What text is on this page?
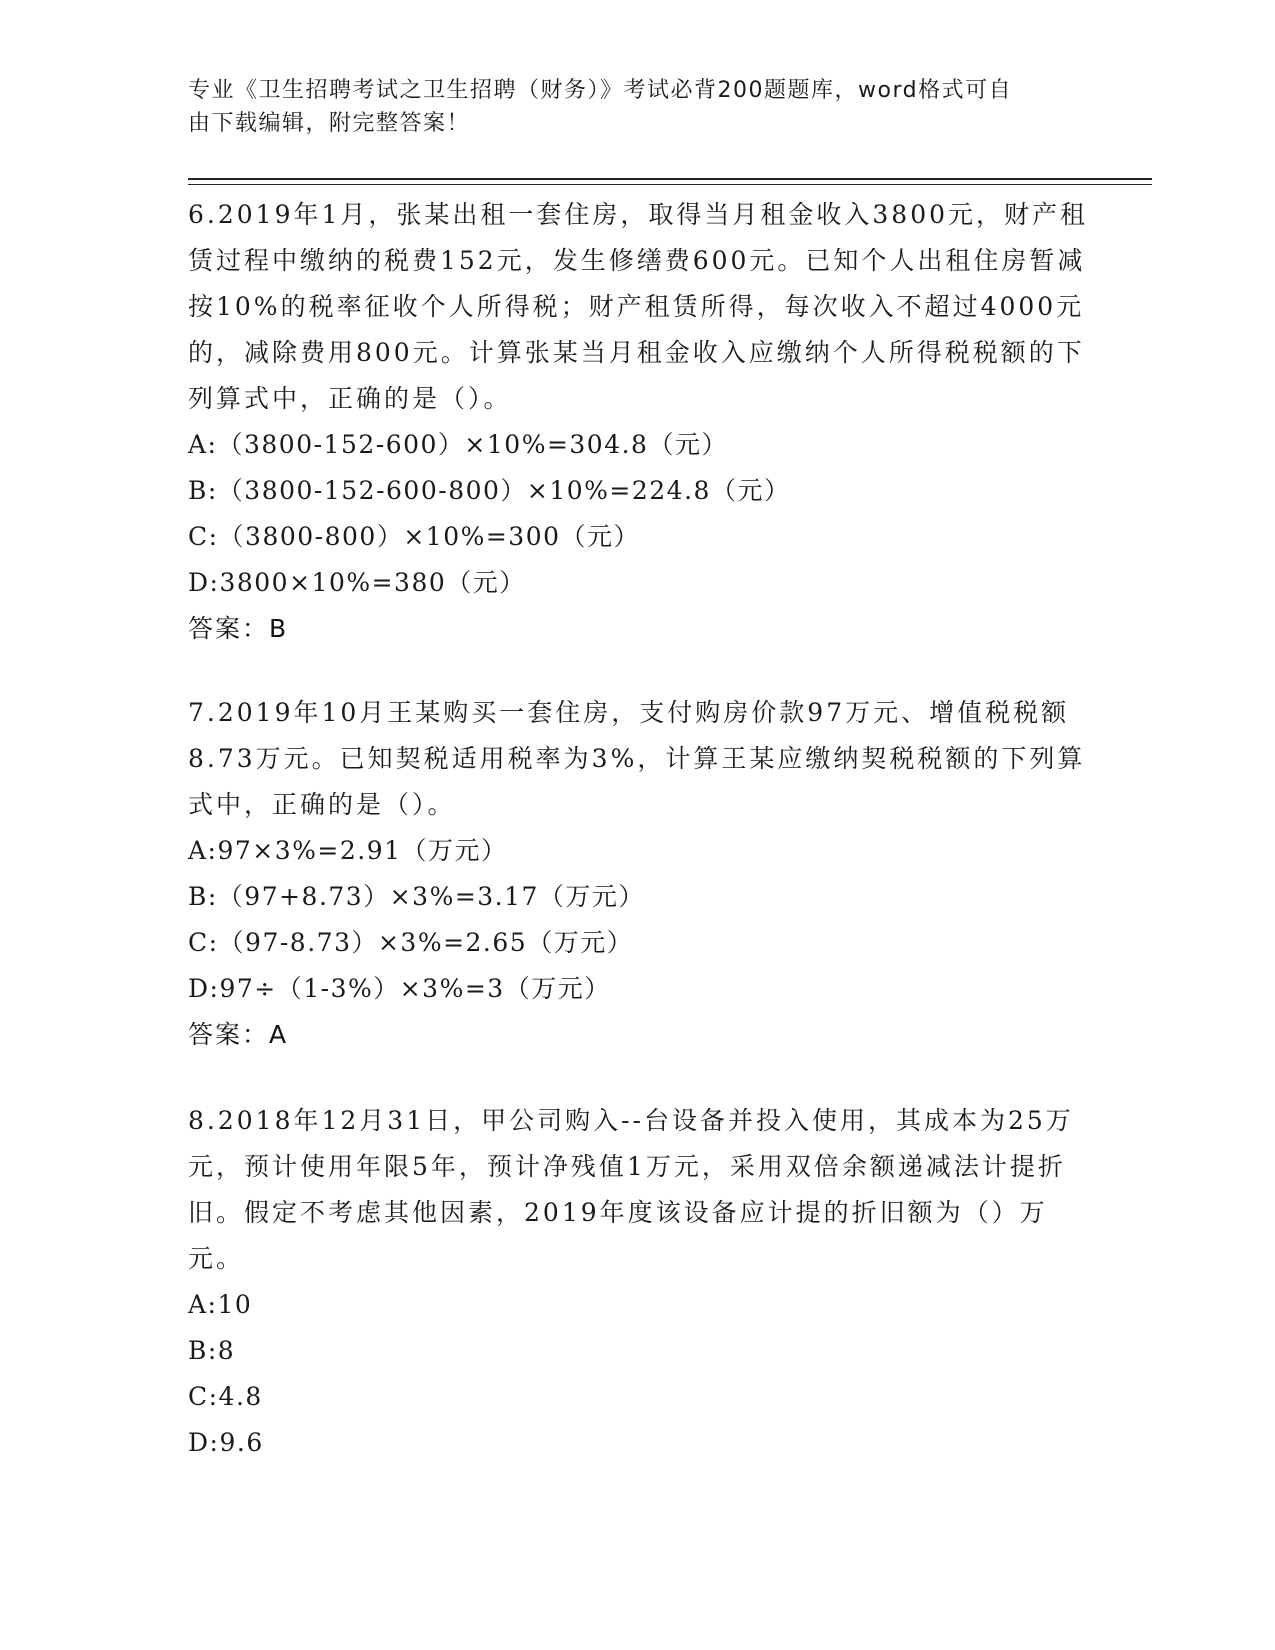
专业《卫生招聘考试之卫生招聘（财务）》考试必背200题题库，word格式可自
由下载编辑，附完整答案！

6.2019年1月，张某出租一套住房，取得当月租金收入3800元，财产租赁过程中缴纳的税费152元，发生修缮费600元。已知个人出租住房暂减按10%的税率征收个人所得税；财产租赁所得，每次收入不超过4000元的，减除费用800元。计算张某当月租金收入应缴纳个人所得税税额的下列算式中，正确的是（）。

A:（3800-152-600）×10%=304.8（元）

B:（3800-152-600-800）×10%=224.8（元）

C:（3800-800）×10%=300（元）

D:3800×10%=380（元）

答案：B

7.2019年10月王某购买一套住房，支付购房价款97万元、增值税税额8.73万元。已知契税适用税率为3%，计算王某应缴纳契税税额的下列算式中，正确的是（）。

A:97×3%=2.91（万元）

B:（97+8.73）×3%=3.17（万元）

C:（97-8.73）×3%=2.65（万元）

D:97÷（1-3%）×3%=3（万元）

答案：A

8.2018年12月31日，甲公司购入--台设备并投入使用，其成本为25万元，预计使用年限5年，预计净残值1万元，采用双倍余额递减法计提折旧。假定不考虑其他因素，2019年度该设备应计提的折旧额为（）万元。

A:10

B:8

C:4.8

D:9.6
